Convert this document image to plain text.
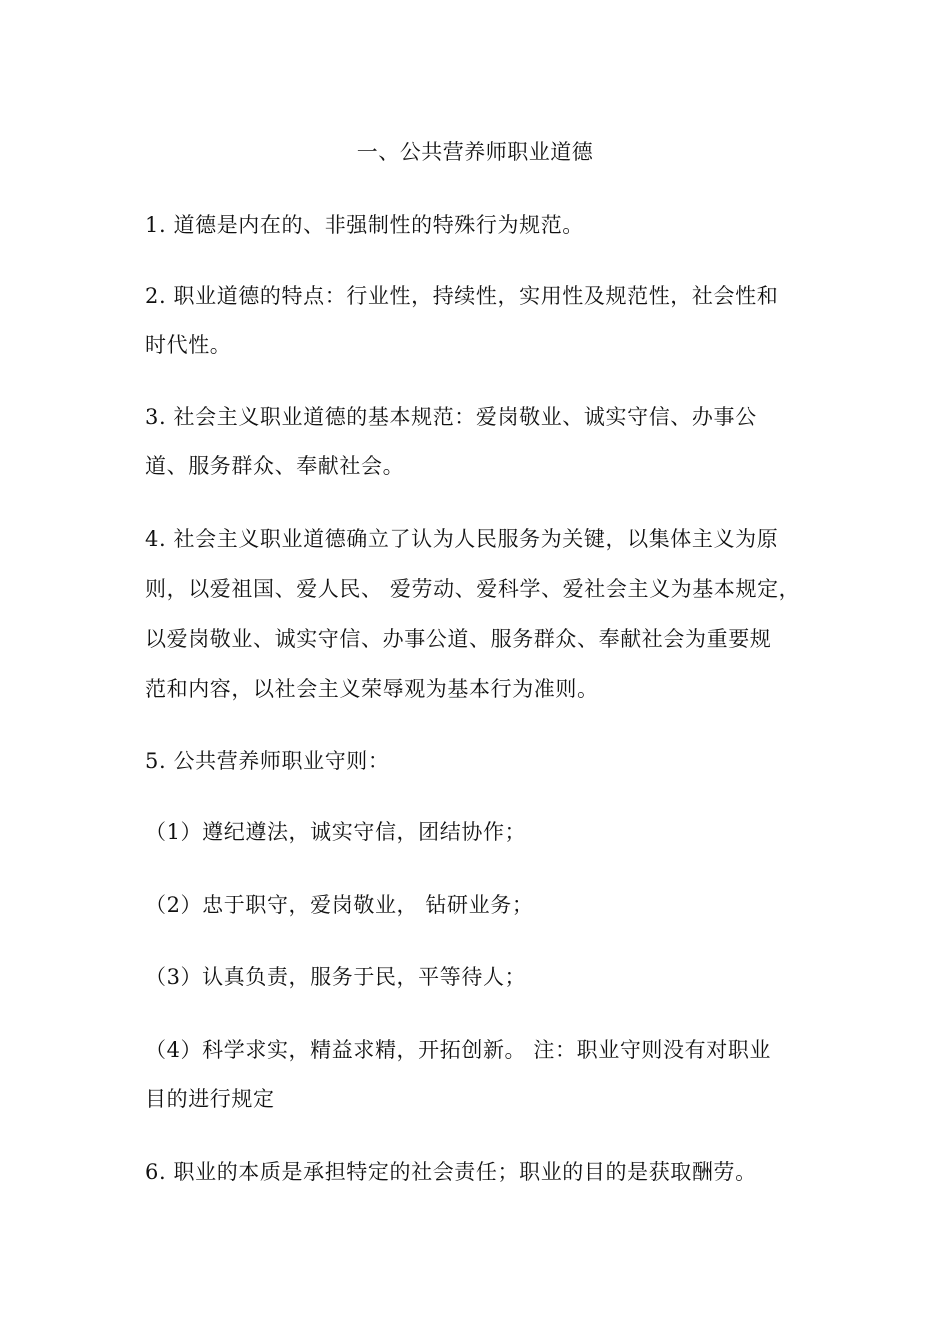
一、公共营养师职业道德
1. 道德是内在的、非强制性的特殊行为规范。
2. 职业道德的特点：行业性，持续性，实用性及规范性，社会性和
时代性。
3. 社会主义职业道德的基本规范：爱岗敬业、诚实守信、办事公
道、服务群众、奉献社会。
4. 社会主义职业道德确立了认为人民服务为关键，以集体主义为原
则，以爱祖国、爱人民、 爱劳动、爱科学、爱社会主义为基本规定，
以爱岗敬业、诚实守信、办事公道、服务群众、奉献社会为重要规
范和内容，以社会主义荣辱观为基本行为准则。
5. 公共营养师职业守则：
（1）遵纪遵法，诚实守信，团结协作；
（2）忠于职守，爱岗敬业， 钻研业务；
（3）认真负责，服务于民，平等待人；
（4）科学求实，精益求精，开拓创新。 注：职业守则没有对职业
目的进行规定
6. 职业的本质是承担特定的社会责任；职业的目的是获取酬劳。
